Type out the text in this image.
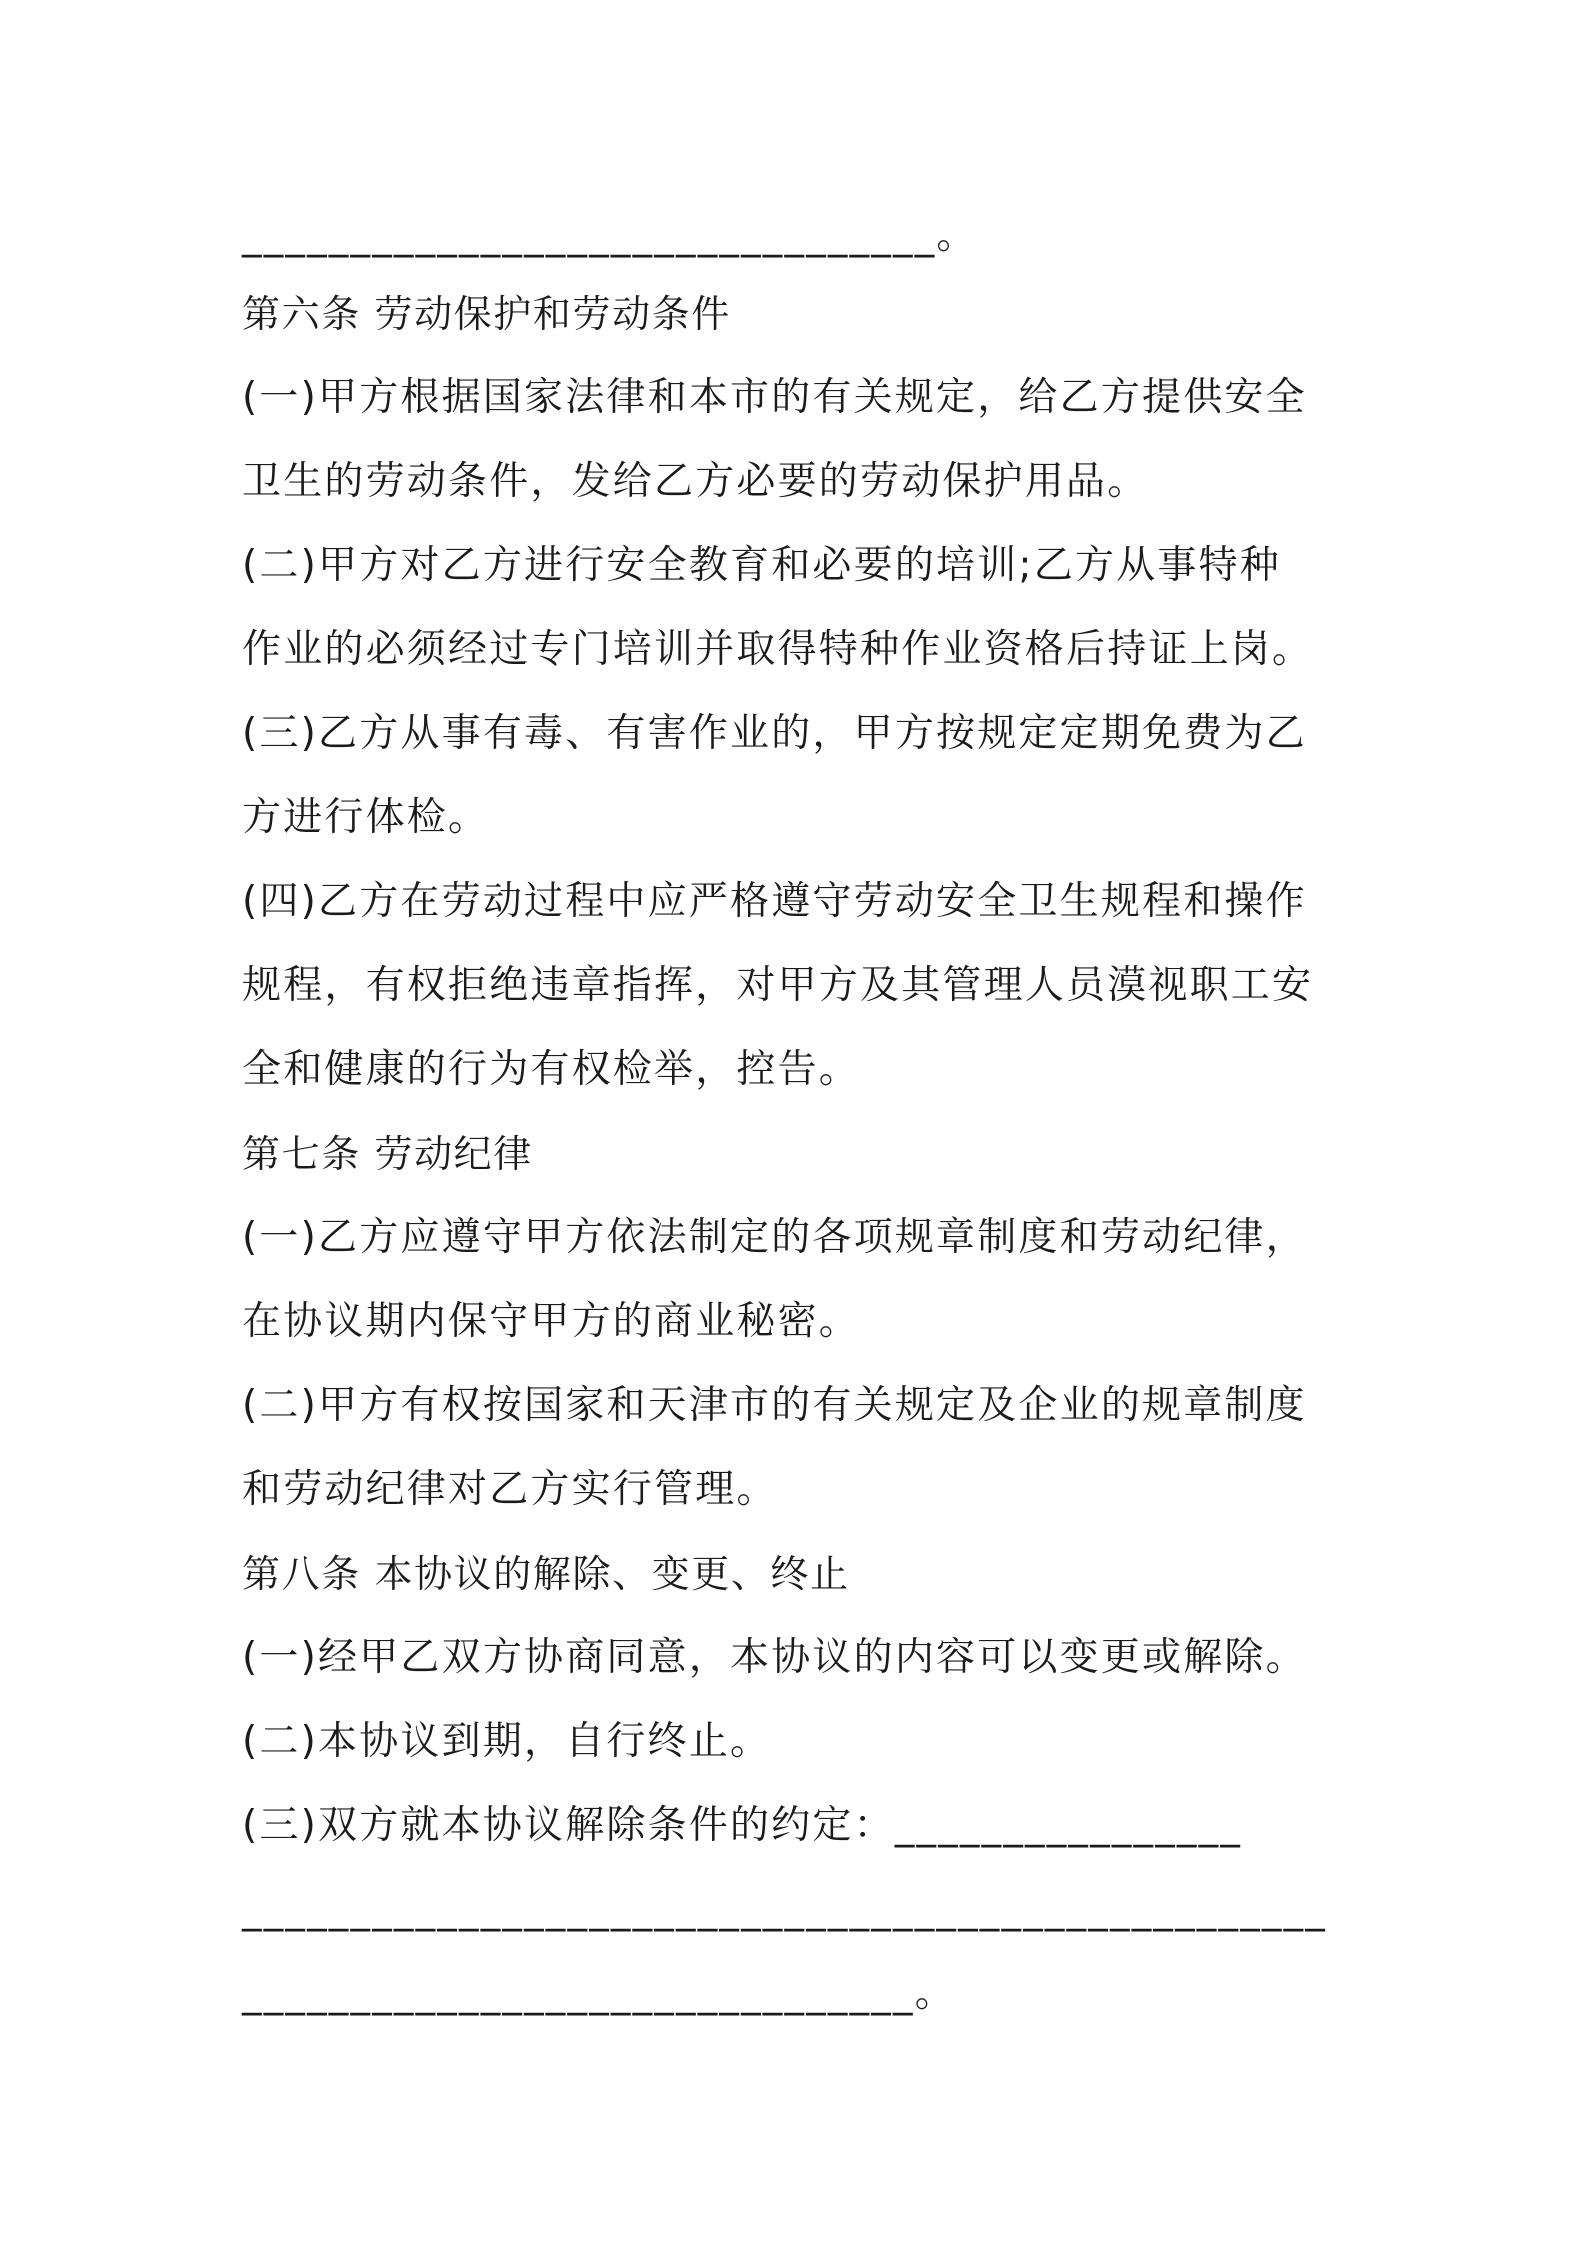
________________________________。
第六条 劳动保护和劳动条件
(一)甲方根据国家法律和本市的有关规定，给乙方提供安全
卫生的劳动条件，发给乙方必要的劳动保护用品。
(二)甲方对乙方进行安全教育和必要的培训;乙方从事特种
作业的必须经过专门培训并取得特种作业资格后持证上岗。
(三)乙方从事有毒、有害作业的，甲方按规定定期免费为乙
方进行体检。
(四)乙方在劳动过程中应严格遵守劳动安全卫生规程和操作
规程，有权拒绝违章指挥，对甲方及其管理人员漠视职工安
全和健康的行为有权检举，控告。
第七条 劳动纪律
(一)乙方应遵守甲方依法制定的各项规章制度和劳动纪律，
在协议期内保守甲方的商业秘密。
(二)甲方有权按国家和天津市的有关规定及企业的规章制度
和劳动纪律对乙方实行管理。
第八条 本协议的解除、变更、终止
(一)经甲乙双方协商同意，本协议的内容可以变更或解除。
(二)本协议到期，自行终止。
(三)双方就本协议解除条件的约定：________________
__________________________________________________
_______________________________。
